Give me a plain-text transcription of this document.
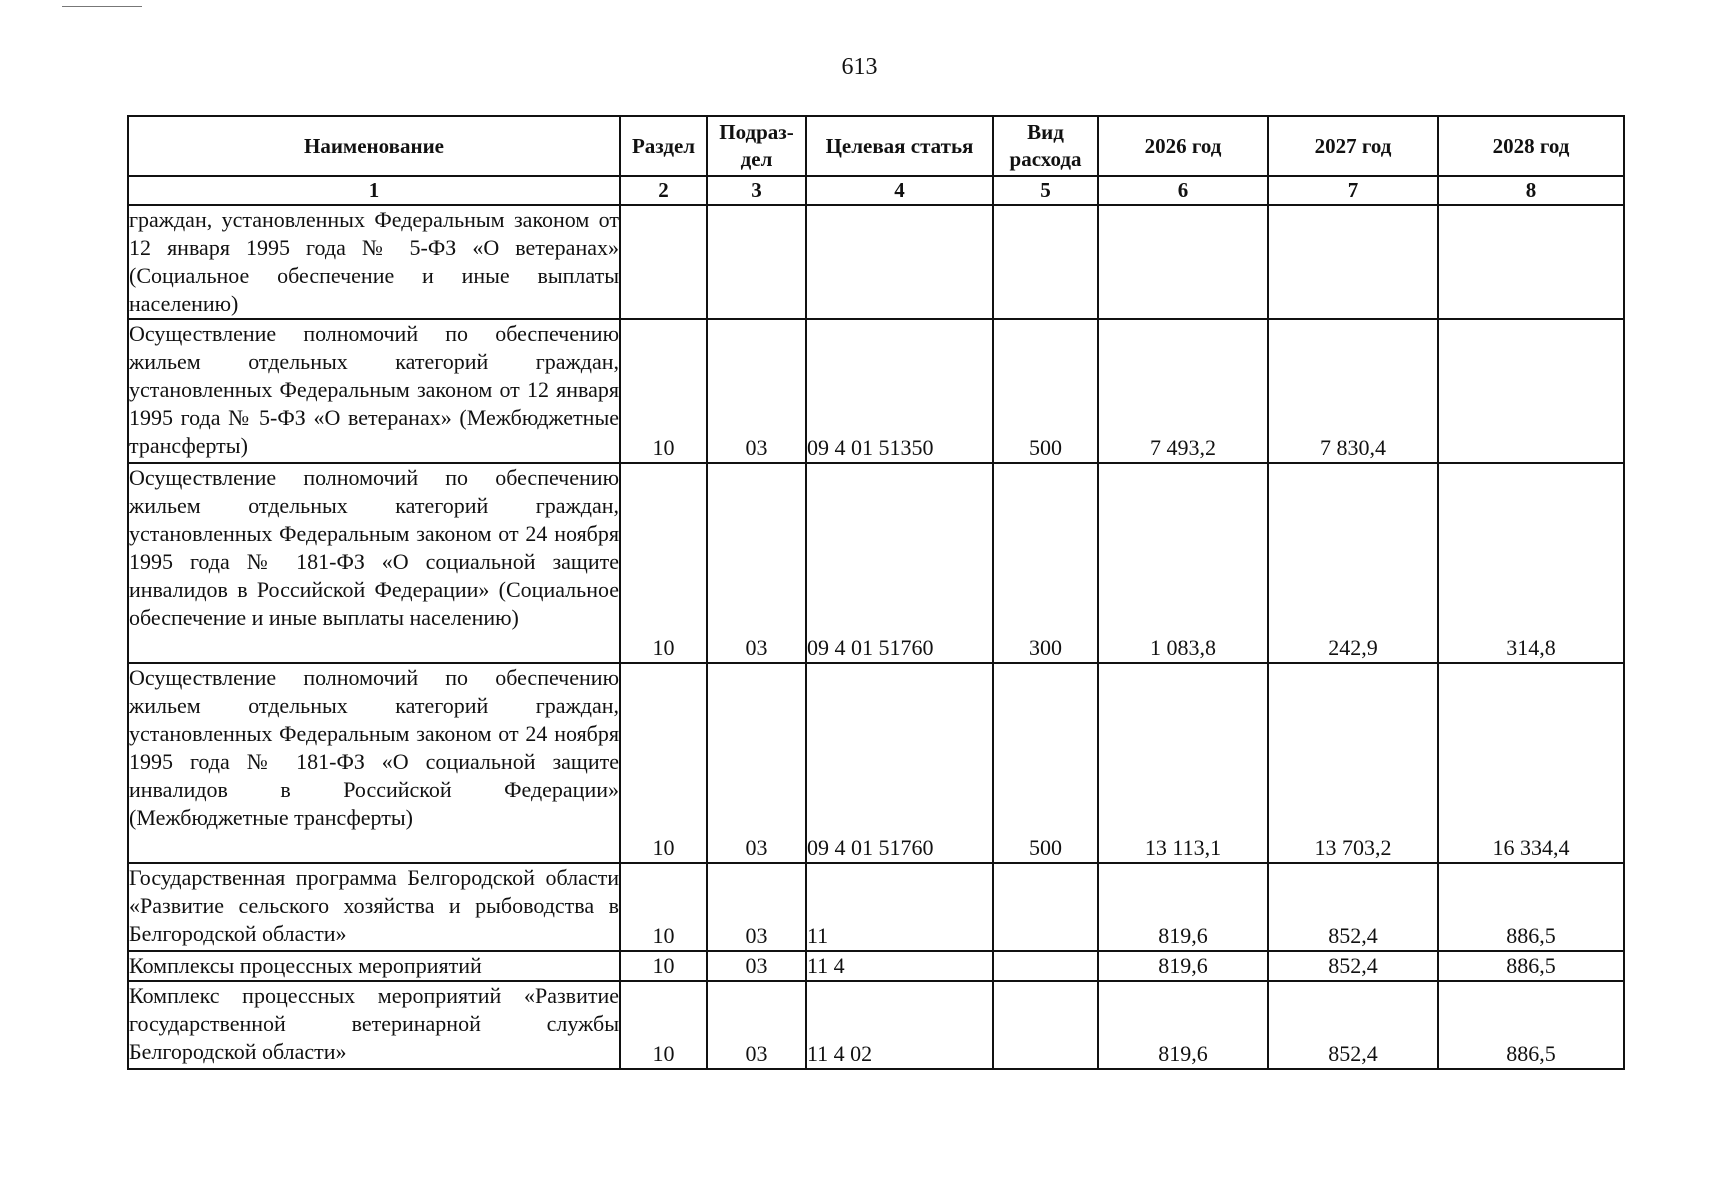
613
Наименование	Раздел	Подраз-дел	Целевая статья	Вид расхода	2026 год	2027 год	2028 год
1	2	3	4	5	6	7	8
граждан, установленных Федеральным законом от 12 января 1995 года № 5-ФЗ «О ветеранах» (Социальное обеспечение и иные выплаты населению)							
Осуществление полномочий по обеспечению жильем отдельных категорий граждан, установленных Федеральным законом от 12 января 1995 года № 5-ФЗ «О ветеранах» (Межбюджетные трансферты)	10	03	09 4 01 51350	500	7 493,2	7 830,4	
Осуществление полномочий по обеспечению жильем отдельных категорий граждан, установленных Федеральным законом от 24 ноября 1995 года № 181-ФЗ «О социальной защите инвалидов в Российской Федерации» (Социальное обеспечение и иные выплаты населению)	10	03	09 4 01 51760	300	1 083,8	242,9	314,8
Осуществление полномочий по обеспечению жильем отдельных категорий граждан, установленных Федеральным законом от 24 ноября 1995 года № 181-ФЗ «О социальной защите инвалидов в Российской Федерации» (Межбюджетные трансферты)	10	03	09 4 01 51760	500	13 113,1	13 703,2	16 334,4
Государственная программа Белгородской области «Развитие сельского хозяйства и рыбоводства в Белгородской области»	10	03	11		819,6	852,4	886,5
Комплексы процессных мероприятий	10	03	11 4		819,6	852,4	886,5
Комплекс процессных мероприятий «Развитие государственной ветеринарной службы Белгородской области»	10	03	11 4 02		819,6	852,4	886,5
